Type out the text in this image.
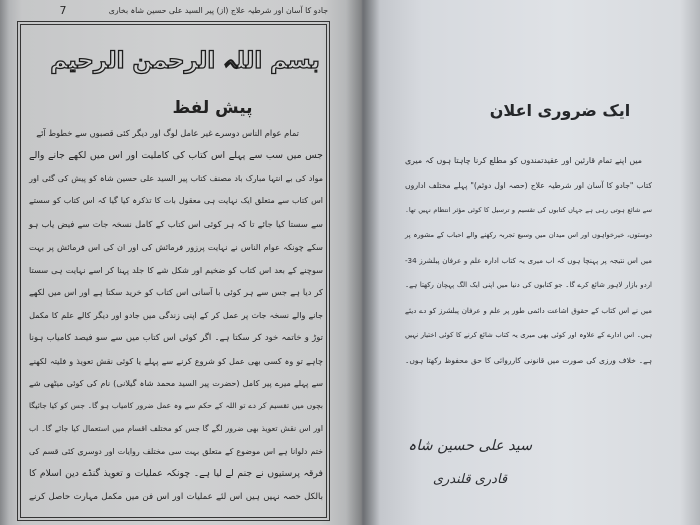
7	جادو کا آسان اور شرطیہ علاج (از) پیر السید علی حسین شاہ بخاری
بسم اللہ الرحمن الرحیم
پیش لفظ
تمام عوام الناس دوسرے غیر عامل لوگ اور دیگر کئی قصبوں سے خطوط آئے
جس میں سب سے پہلے اس کتاب کی کاملیت اور اس میں لکھے جانے والے
مواد کی بے انتہا مبارک باد مصنف کتاب پیر السید علی حسین شاہ کو پیش کی گئی اور
اس کتاب سے متعلق ایک نہایت ہی معقول بات کا تذکرہ کیا گیا کہ اس کتاب کو سستے
سے سستا کیا جائے تا کہ ہر کوئی اس کتاب کے کامل نسخہ جات سے فیض یاب ہو
سکے چونکہ عوام الناس نے نہایت پرزور فرمائش کی اور ان کی اس فرمائش پر بہت
سوچنے کے بعد اس کتاب کو ضخیم اور شکل شے کا جلد پہنا کر اسے نہایت ہی سستا
کر دیا ہے جس سے ہر کوئی با آسانی اس کتاب کو خرید سکتا ہے اور اس میں لکھے
جانے والے نسخہ جات پر عمل کر کے اپنی زندگی میں جادو اور دیگر کالے علم کا مکمل
توڑ و خاتمہ خود کر سکتا ہے۔ اگر کوئی اس کتاب میں سے سو فیصد کامیاب ہونا
چاہے تو وہ کسی بھی عمل کو شروع کرنے سے پہلے یا کوئی نقش تعویذ و فلیتہ لکھنے
سے پہلے میرے پیر کامل (حضرت پیر السید محمد شاہ گیلانی) نام کی کوئی میٹھی شے
بچوں میں تقسیم کر دے تو اللہ کے حکم سے وہ عمل ضرور کامیاب ہو گا۔ جس کو کیا جائیگا
اور اس نقش تعویذ بھی ضرور لگے گا جس کو مختلف اقسام میں استعمال کیا جائے گا۔ اب
ختم دلوانا ہے اس موضوع کے متعلق بہت سی مختلف روایات اور دوسری کئی قسم کی
فرقہ پرستیوں نے جنم لے لیا ہے۔ چونکہ عملیات و تعویذ گنڈے دین اسلام کا
بالکل حصہ نہیں ہیں اس لئے عملیات اور اس فن میں مکمل مہارت حاصل کرنے
ایک ضروری اعلان
میں اپنے تمام قارئین اور عقیدتمندوں کو مطلع کرنا چاہتا ہوں کہ میری
کتاب "جادو کا آسان اور شرطیہ علاج (حصہ اول دوئم)" پہلے مختلف اداروں
سے شائع ہوتی رہی ہے جہاں کتابوں کی تقسیم و ترسیل کا کوئی مؤثر انتظام نہیں تھا۔
دوستوں، خیرخواہوں اور اس میدان میں وسیع تجربہ رکھنے والے احباب کے مشورہ پر
میں اس نتیجہ پر پہنچا ہوں کہ اب میری یہ کتاب ادارہ علم و عرفان پبلشرز 34-
اردو بازار لاہور شائع کرے گا۔ جو کتابوں کی دنیا میں اپنی ایک الگ پہچان رکھتا ہے۔
میں نے اس کتاب کے حقوق اشاعت دائمی طور پر علم و عرفان پبلشرز کو دے دیئے
ہیں۔ اس ادارے کے علاوہ اور کوئی بھی میری یہ کتاب شائع کرنے کا کوئی اختیار نہیں
ہے۔ خلاف ورزی کی صورت میں قانونی کارروائی کا حق محفوظ رکھتا ہوں۔
سید علی حسین شاہ
قادری قلندری
